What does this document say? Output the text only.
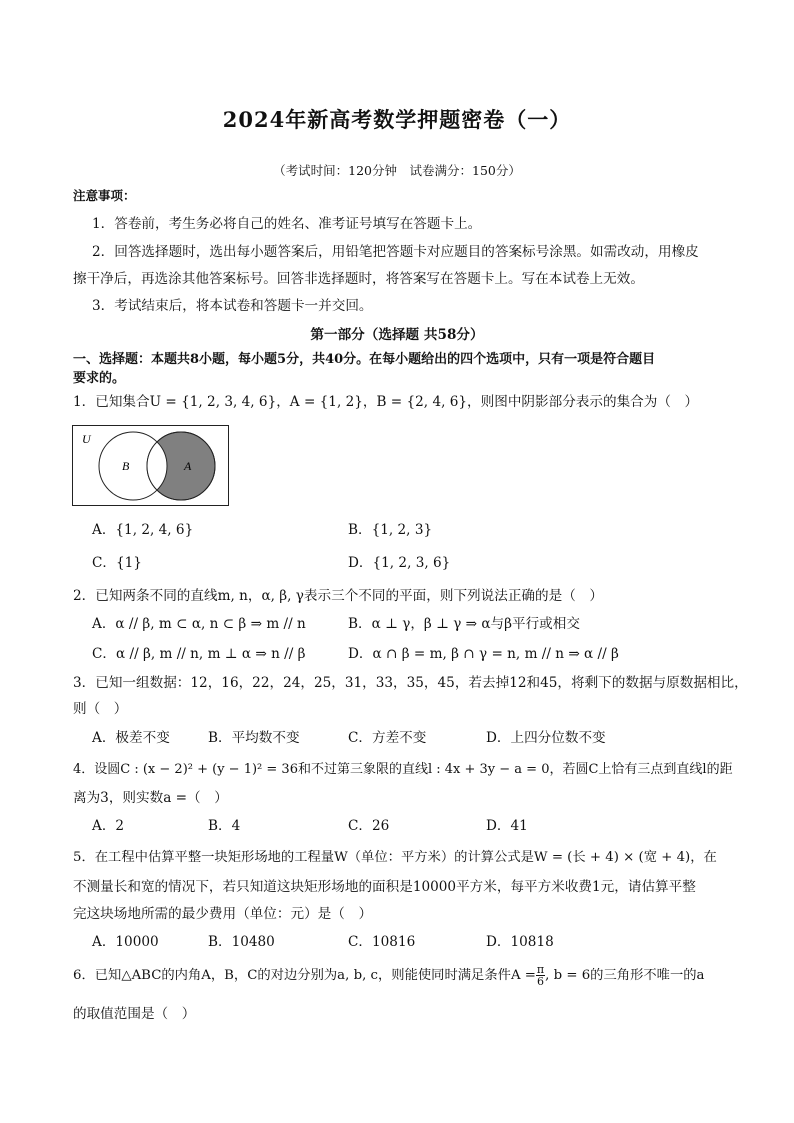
2024年新高考数学押题密卷（一）
（考试时间：120分钟　试卷满分：150分）
注意事项：
1．答卷前，考生务必将自己的姓名、准考证号填写在答题卡上。
2．回答选择题时，选出每小题答案后，用铅笔把答题卡对应题目的答案标号涂黑。如需改动，用橡皮
擦干净后，再选涂其他答案标号。回答非选择题时，将答案写在答题卡上。写在本试卷上无效。
3．考试结束后，将本试卷和答题卡一并交回。
第一部分（选择题 共58分）
一、选择题：本题共8小题，每小题5分，共40分。在每小题给出的四个选项中，只有一项是符合题目
要求的。
1．已知集合U = {1, 2, 3, 4, 6}，A = {1, 2}，B = {2, 4, 6}，则图中阴影部分表示的集合为（　）
U
B	A
A．{1, 2, 4, 6}	B．{1, 2, 3}
C．{1}	D．{1, 2, 3, 6}
2．已知两条不同的直线m, n，α, β, γ表示三个不同的平面，则下列说法正确的是（　）
A．α // β, m ⊂ α, n ⊂ β ⇒ m // n	B．α ⊥ γ，β ⊥ γ ⇒ α与β平行或相交
C．α // β, m // n, m ⊥ α ⇒ n // β	D．α ∩ β = m, β ∩ γ = n, m // n ⇒ α // β
3．已知一组数据：12，16，22，24，25，31，33，35，45，若去掉12和45，将剩下的数据与原数据相比，
则（　）
A．极差不变	B．平均数不变	C．方差不变	D．上四分位数不变
4．设圆C : (x − 2)² + (y − 1)² = 36和不过第三象限的直线l : 4x + 3y − a = 0，若圆C上恰有三点到直线l的距
离为3，则实数a =（　）
A．2	B．4	C．26	D．41
5．在工程中估算平整一块矩形场地的工程量W（单位：平方米）的计算公式是W = (长 + 4) × (宽 + 4)，在
不测量长和宽的情况下，若只知道这块矩形场地的面积是10000平方米，每平方米收费1元，请估算平整
完这块场地所需的最少费用（单位：元）是（　）
A．10000	B．10480	C．10816	D．10818
6．已知△ABC的内角A，B，C的对边分别为a, b, c，则能使同时满足条件$A = \frac{\pi}{6}$ , b = 6的三角形不唯一的a
的取值范围是（　）
